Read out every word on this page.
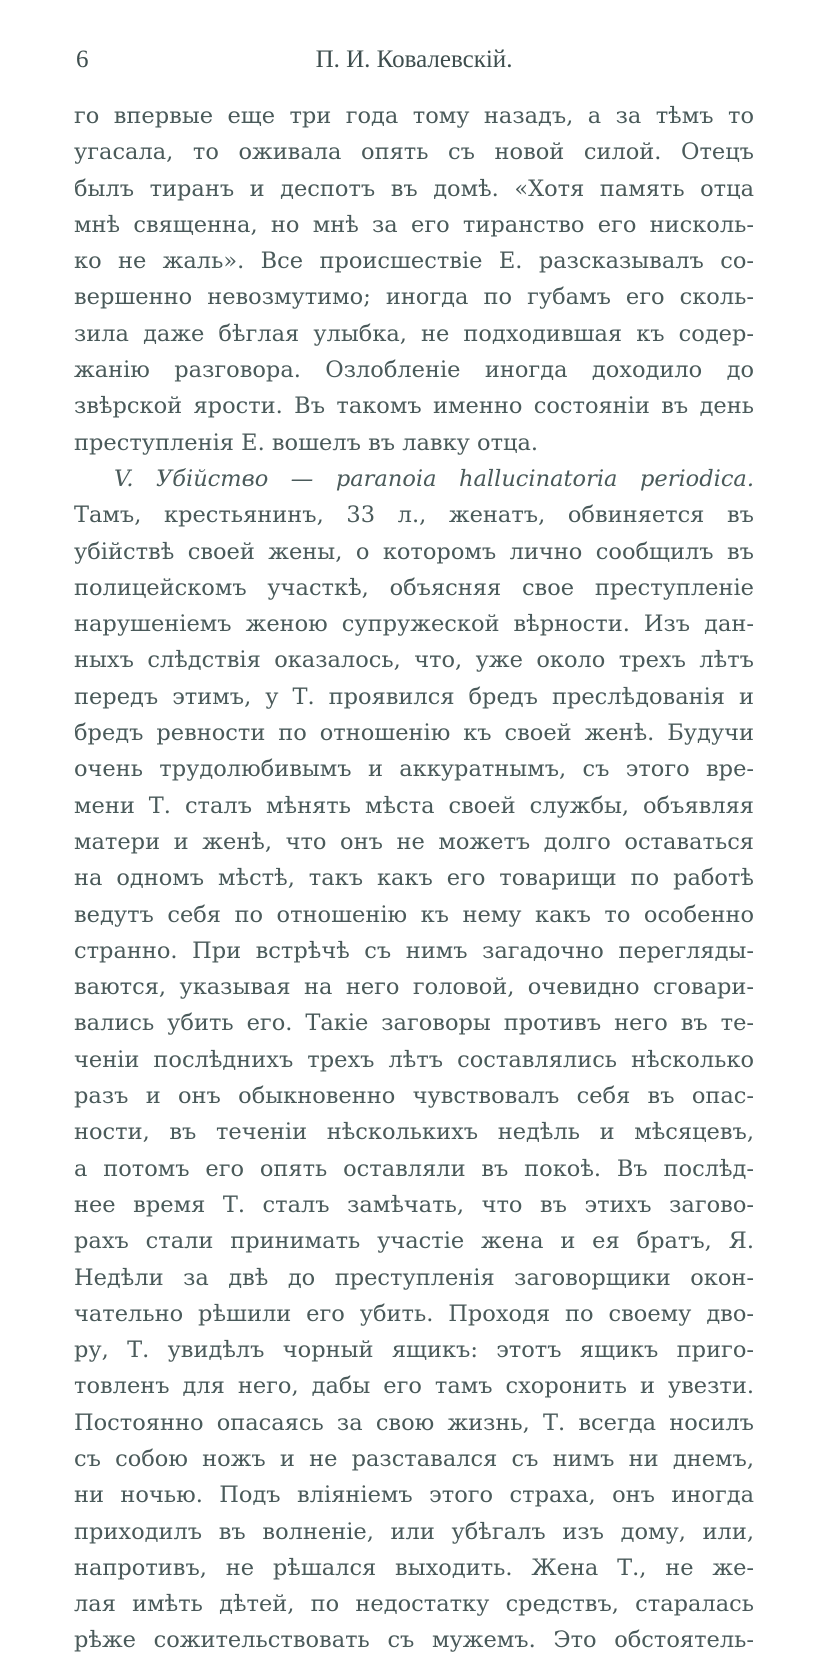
6	П. И. Ковалевскій.
го впервые еще три года тому назадъ, а за тѣмъ то
угасала, то оживала опять съ новой силой. Отецъ
былъ тиранъ и деспотъ въ домѣ. «Хотя память отца
мнѣ священна, но мнѣ за его тиранство его нисколь-
ко не жаль». Все происшествіе Е. разсказывалъ со-
вершенно невозмутимо; иногда по губамъ его сколь-
зила даже бѣглая улыбка, не подходившая къ содер-
жанію разговора. Озлобленіе иногда доходило до
звѣрской ярости. Въ такомъ именно состояніи въ день
преступленія Е. вошелъ въ лавку отца.
V. Убійство — paranoia hallucinatoria periodica.
Тамъ, крестьянинъ, 33 л., женатъ, обвиняется въ
убійствѣ своей жены, о которомъ лично сообщилъ въ
полицейскомъ участкѣ, объясняя свое преступленіе
нарушеніемъ женою супружеской вѣрности. Изъ дан-
ныхъ слѣдствія оказалось, что, уже около трехъ лѣтъ
передъ этимъ, у Т. проявился бредъ преслѣдованія и
бредъ ревности по отношенію къ своей женѣ. Будучи
очень трудолюбивымъ и аккуратнымъ, съ этого вре-
мени Т. сталъ мѣнять мѣста своей службы, объявляя
матери и женѣ, что онъ не можетъ долго оставаться
на одномъ мѣстѣ, такъ какъ его товарищи по работѣ
ведутъ себя по отношенію къ нему какъ то особенно
странно. При встрѣчѣ съ нимъ загадочно перегляды-
ваются, указывая на него головой, очевидно сговари-
вались убить его. Такіе заговоры противъ него въ те-
ченіи послѣднихъ трехъ лѣтъ составлялись нѣсколько
разъ и онъ обыкновенно чувствовалъ себя въ опас-
ности, въ теченіи нѣсколькихъ недѣль и мѣсяцевъ,
а потомъ его опять оставляли въ покоѣ. Въ послѣд-
нее время Т. сталъ замѣчать, что въ этихъ загово-
рахъ стали принимать участіе жена и ея братъ, Я.
Недѣли за двѣ до преступленія заговорщики окон-
чательно рѣшили его убить. Проходя по своему дво-
ру, Т. увидѣлъ чорный ящикъ: этотъ ящикъ приго-
товленъ для него, дабы его тамъ схоронить и увезти.
Постоянно опасаясь за свою жизнь, Т. всегда носилъ
съ собою ножъ и не разставался съ нимъ ни днемъ,
ни ночью. Подъ вліяніемъ этого страха, онъ иногда
приходилъ въ волненіе, или убѣгалъ изъ дому, или,
напротивъ, не рѣшался выходить. Жена Т., не же-
лая имѣть дѣтей, по недостатку средствъ, старалась
рѣже сожительствовать съ мужемъ. Это обстоятель-
